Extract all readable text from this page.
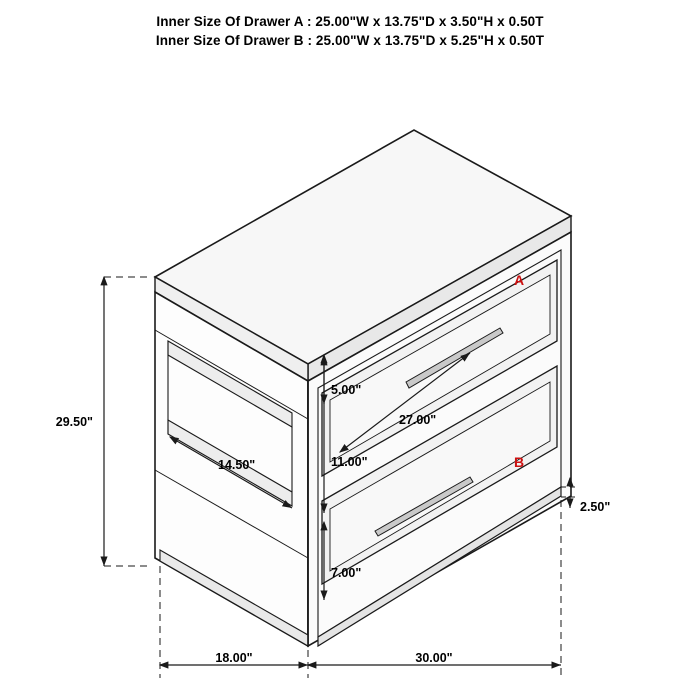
Inner Size Of Drawer A : 25.00"W x 13.75"D x 3.50"H x 0.50T
Inner Size Of Drawer B : 25.00"W x 13.75"D x 5.25"H x 0.50T
A
B
29.50"
14.50"
5.00"
11.00"
7.00"
27.00"
2.50"
18.00"	30.00"
